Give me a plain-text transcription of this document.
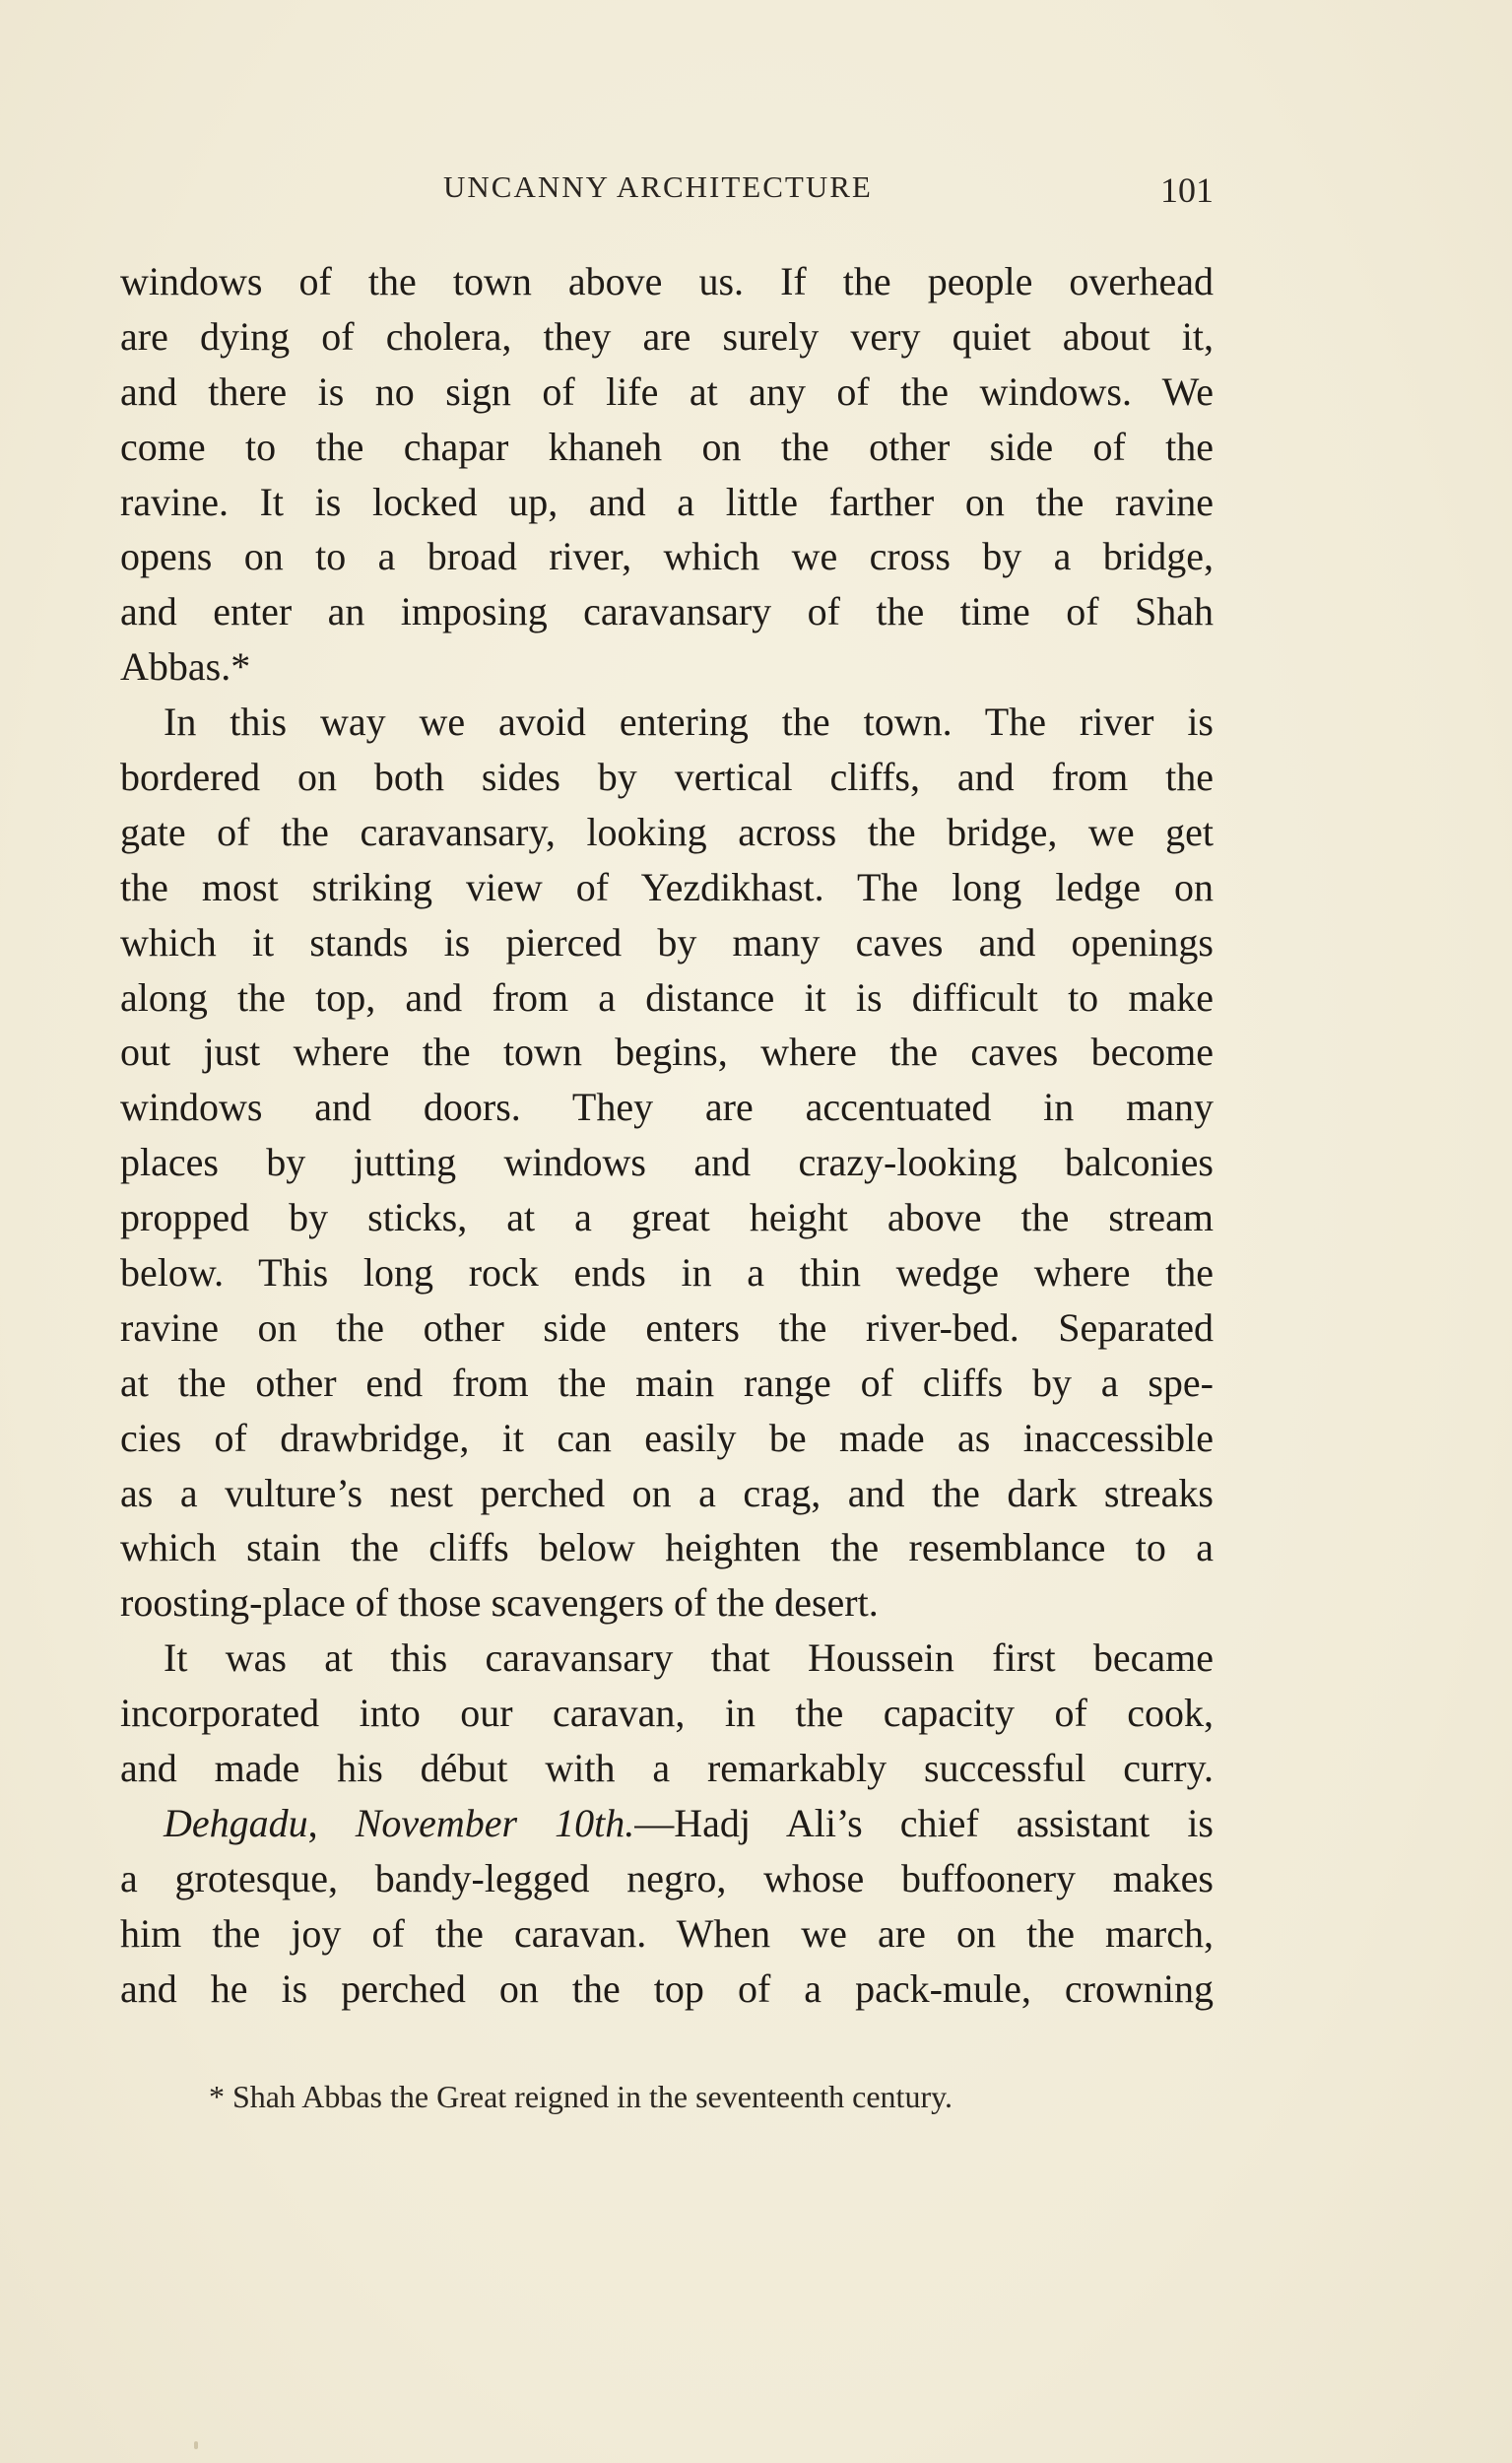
UNCANNY ARCHITECTURE	101
windows of the town above us. If the people overhead
are dying of cholera, they are surely very quiet about it,
and there is no sign of life at any of the windows. We
come to the chapar khaneh on the other side of the
ravine. It is locked up, and a little farther on the ravine
opens on to a broad river, which we cross by a bridge,
and enter an imposing caravansary of the time of Shah
Abbas.*
In this way we avoid entering the town. The river is
bordered on both sides by vertical cliffs, and from the
gate of the caravansary, looking across the bridge, we get
the most striking view of Yezdikhast. The long ledge on
which it stands is pierced by many caves and openings
along the top, and from a distance it is difficult to make
out just where the town begins, where the caves become
windows and doors. They are accentuated in many
places by jutting windows and crazy-looking balconies
propped by sticks, at a great height above the stream
below. This long rock ends in a thin wedge where the
ravine on the other side enters the river-bed. Separated
at the other end from the main range of cliffs by a spe-
cies of drawbridge, it can easily be made as inaccessible
as a vulture’s nest perched on a crag, and the dark streaks
which stain the cliffs below heighten the resemblance to a
roosting-place of those scavengers of the desert.
It was at this caravansary that Houssein first became
incorporated into our caravan, in the capacity of cook,
and made his début with a remarkably successful curry.
Dehgadu, November 10th.—Hadj Ali’s chief assistant is
a grotesque, bandy-legged negro, whose buffoonery makes
him the joy of the caravan. When we are on the march,
and he is perched on the top of a pack-mule, crowning
* Shah Abbas the Great reigned in the seventeenth century.
